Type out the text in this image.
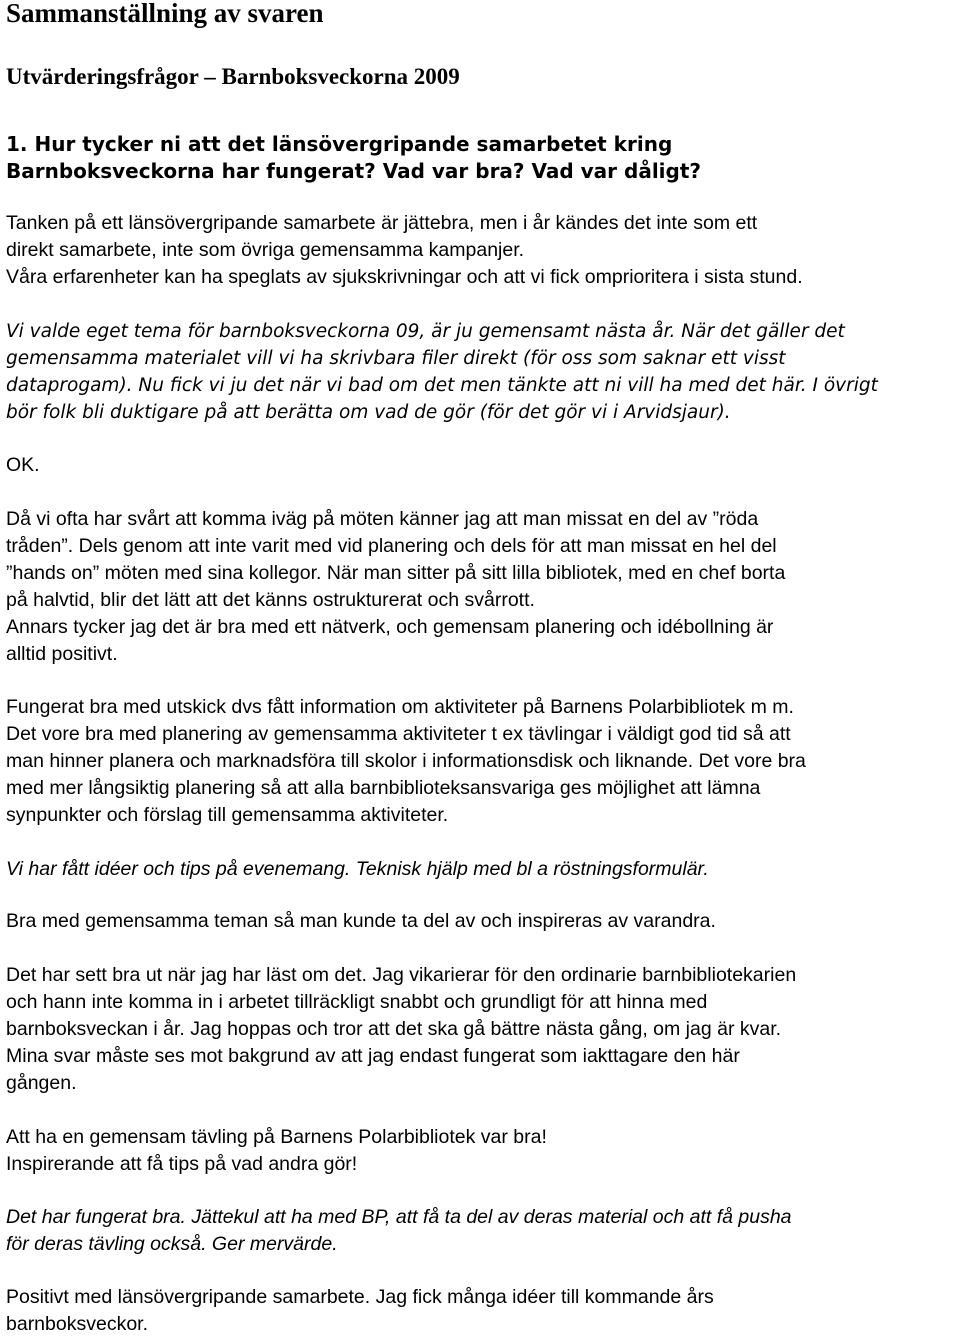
Sammanställning av svaren
Utvärderingsfrågor – Barnboksveckorna 2009
1. Hur tycker ni att det länsövergripande samarbetet kring
Barnboksveckorna har fungerat? Vad var bra? Vad var dåligt?
Tanken på ett länsövergripande samarbete är jättebra, men i år kändes det inte som ett
direkt samarbete, inte som övriga gemensamma kampanjer.
Våra erfarenheter kan ha speglats av sjukskrivningar och att vi fick omprioritera i sista stund.
Vi valde eget tema för barnboksveckorna 09, är ju gemensamt nästa år. När det gäller det
gemensamma materialet vill vi ha skrivbara filer direkt (för oss som saknar ett visst
dataprogam). Nu fick vi ju det när vi bad om det men tänkte att ni vill ha med det här. I övrigt
bör folk bli duktigare på att berätta om vad de gör (för det gör vi i Arvidsjaur).
OK.
Då vi ofta har svårt att komma iväg på möten känner jag att man missat en del av ”röda
tråden”. Dels genom att inte varit med vid planering och dels för att man missat en hel del
”hands on” möten med sina kollegor. När man sitter på sitt lilla bibliotek, med en chef borta
på halvtid, blir det lätt att det känns ostrukturerat och svårrott.
Annars tycker jag det är bra med ett nätverk, och gemensam planering och idébollning är
alltid positivt.
Fungerat bra med utskick dvs fått information om aktiviteter på Barnens Polarbibliotek m m.
Det vore bra med planering av gemensamma aktiviteter t ex tävlingar i väldigt god tid så att
man hinner planera och marknadsföra till skolor i informationsdisk och liknande. Det vore bra
med mer långsiktig planering så att alla barnbiblioteksansvariga ges möjlighet att lämna
synpunkter och förslag till gemensamma aktiviteter.
Vi har fått idéer och tips på evenemang. Teknisk hjälp med bl a röstningsformulär.
Bra med gemensamma teman så man kunde ta del av och inspireras av varandra.
Det har sett bra ut när jag har läst om det. Jag vikarierar för den ordinarie barnbibliotekarien
och hann inte komma in i arbetet tillräckligt snabbt och grundligt för att hinna med
barnboksveckan i år. Jag hoppas och tror att det ska gå bättre nästa gång, om jag är kvar.
Mina svar måste ses mot bakgrund av att jag endast fungerat som iakttagare den här
gången.
Att ha en gemensam tävling på Barnens Polarbibliotek var bra!
Inspirerande att få tips på vad andra gör!
Det har fungerat bra. Jättekul att ha med BP, att få ta del av deras material och att få pusha
för deras tävling också. Ger mervärde.
Positivt med länsövergripande samarbete. Jag fick många idéer till kommande års
barnboksveckor.
